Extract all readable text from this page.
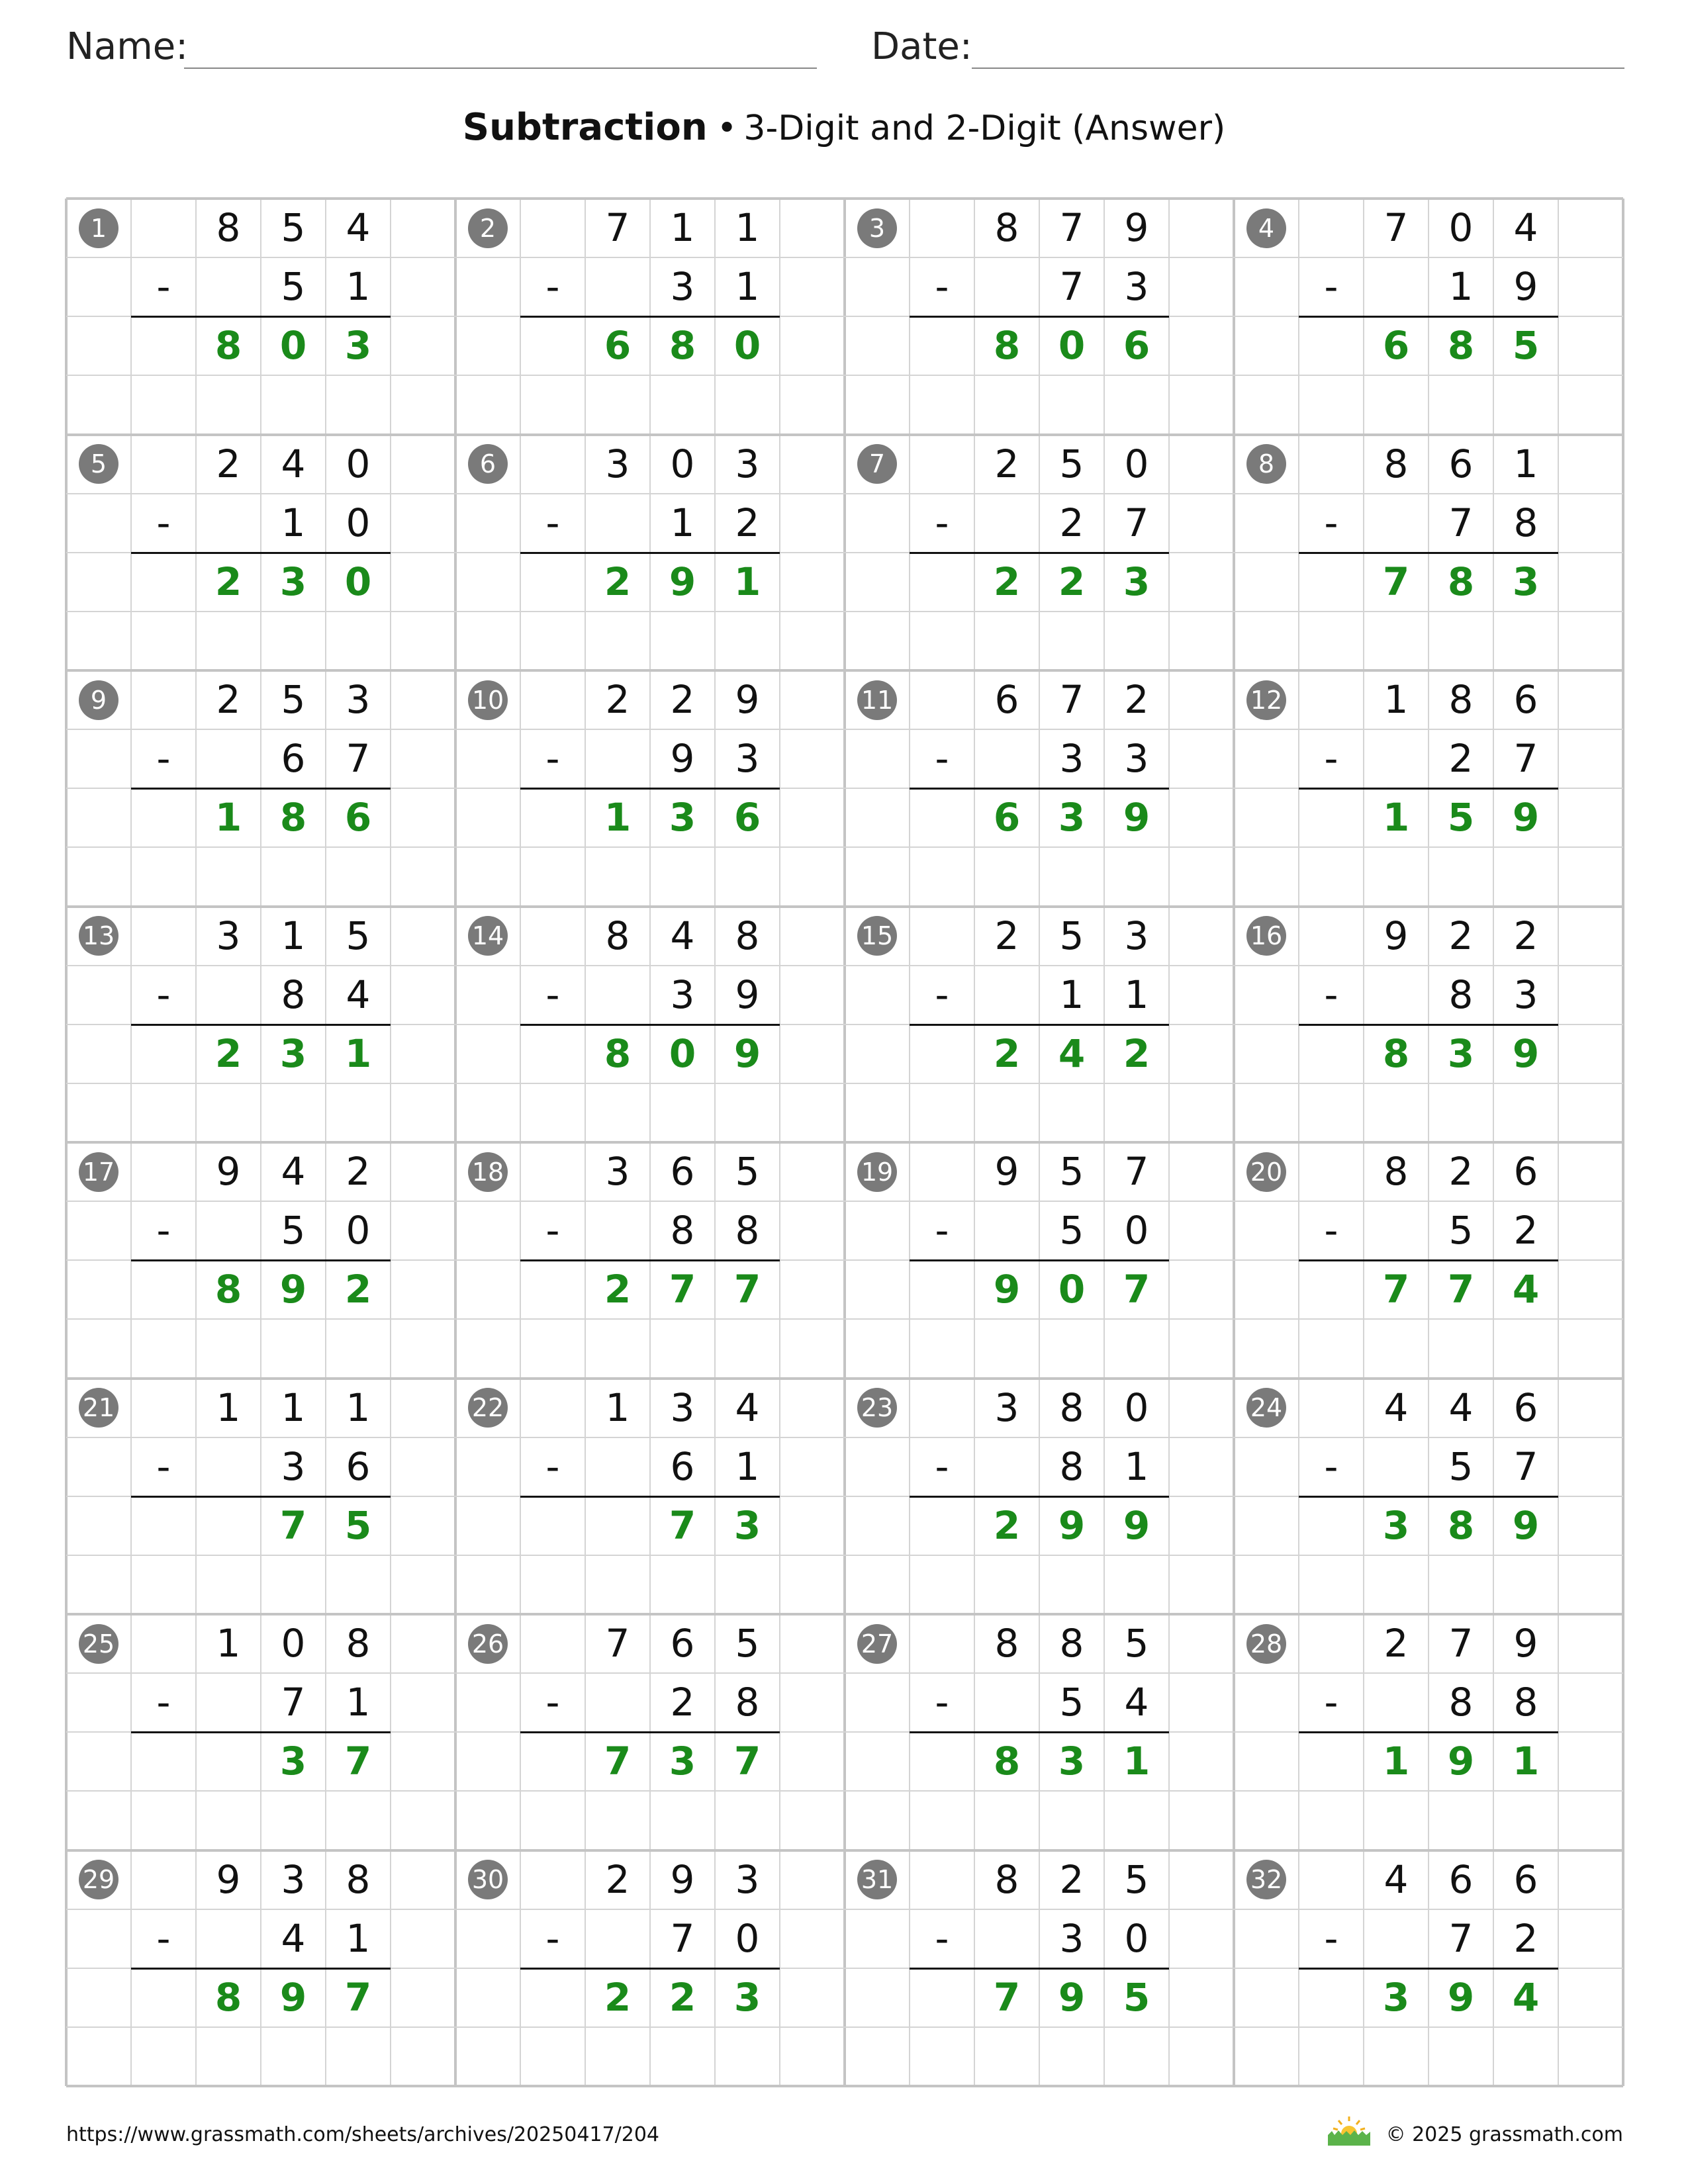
Name:	Date:
Subtraction • 3-Digit and 2-Digit (Answer)
1	8	5	4
-	5	1
8 0 3
2	7	1	1
-	3	1
6 8 0
3	8	7	9
-	7	3
8 0 6
4	7	0	4
-	1	9
6 8 5
5	2	4	0
-	1	0
2 3 0
6	3	0	3
-	1	2
2 9 1
7	2	5	0
-	2	7
2 2 3
8	8	6	1
-	7	8
7 8 3
9	2	5	3
-	6	7
1 8 6
10	2	2	9
-	9	3
1 3 6
11	6	7	2
-	3	3
6 3 9
12	1	8	6
-	2	7
1 5 9
13	3	1	5
-	8	4
2 3 1
14	8	4	8
-	3	9
8 0 9
15	2	5	3
-	1	1
2 4 2
16	9	2	2
-	8	3
8 3 9
17	9	4	2
-	5	0
8 9 2
18	3	6	5
-	8	8
2 7 7
19	9	5	7
-	5	0
9 0 7
20	8	2	6
-	5	2
7 7 4
21	1	1	1
-	3	6
7 5
22	1	3	4
-	6	1
7 3
23	3	8	0
-	8	1
2 9 9
24	4	4	6
-	5	7
3 8 9
25	1	0	8
-	7	1
3 7
26	7	6	5
-	2	8
7 3 7
27	8	8	5
-	5	4
8 3 1
28	2	7	9
-	8	8
1 9 1
29	9	3	8
-	4	1
8 9 7
30	2	9	3
-	7	0
2 2 3
31	8	2	5
-	3	0
7 9 5
32	4	6	6
-	7	2
3 9 4
https://www.grassmath.com/sheets/archives/20250417/204	© 2025 grassmath.com
